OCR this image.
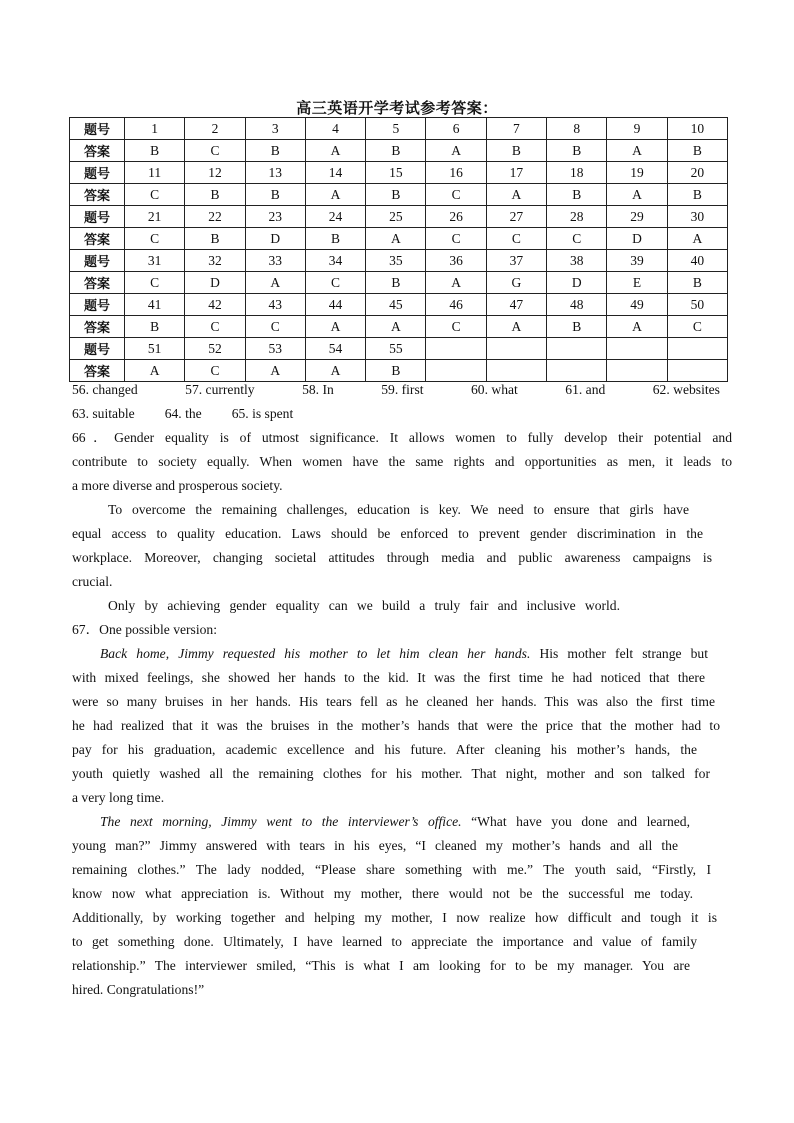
高三英语开学考试参考答案：
题号	1	2	3	4	5	6	7	8	9	10
答案	B	C	B	A	B	A	B	B	A	B
题号	11	12	13	14	15	16	17	18	19	20
答案	C	B	B	A	B	C	A	B	A	B
题号	21	22	23	24	25	26	27	28	29	30
答案	C	B	D	B	A	C	C	C	D	A
题号	31	32	33	34	35	36	37	38	39	40
答案	C	D	A	C	B	A	G	D	E	B
题号	41	42	43	44	45	46	47	48	49	50
答案	B	C	C	A	A	C	A	B	A	C
题号	51	52	53	54	55					
答案	A	C	A	A	B					
56. changed	57. currently	58. In	59. first	60. what	61. and	62. websites
63. suitable 64. the 65. is spent
66．Gender equality is of utmost significance. It allows women to fully develop their potential and
contribute to society equally. When women have the same rights and opportunities as men, it leads to
a more diverse and prosperous society.
To overcome the remaining challenges, education is key. We need to ensure that girls have
equal access to quality education. Laws should be enforced to prevent gender discrimination in the
workplace. Moreover, changing societal attitudes through media and public awareness campaigns is
crucial.
Only by achieving gender equality can we build a truly fair and inclusive world.
67．One possible version:
Back home, Jimmy requested his mother to let him clean her hands. His mother felt strange but
with mixed feelings, she showed her hands to the kid. It was the first time he had noticed that there
were so many bruises in her hands. His tears fell as he cleaned her hands. This was also the first time
he had realized that it was the bruises in the mother’s hands that were the price that the mother had to
pay for his graduation, academic excellence and his future. After cleaning his mother’s hands, the
youth quietly washed all the remaining clothes for his mother. That night, mother and son talked for
a very long time.
The next morning, Jimmy went to the interviewer’s office. “What have you done and learned,
young man?” Jimmy answered with tears in his eyes, “I cleaned my mother’s hands and all the
remaining clothes.” The lady nodded, “Please share something with me.” The youth said, “Firstly, I
know now what appreciation is. Without my mother, there would not be the successful me today.
Additionally, by working together and helping my mother, I now realize how difficult and tough it is
to get something done. Ultimately, I have learned to appreciate the importance and value of family
relationship.” The interviewer smiled, “This is what I am looking for to be my manager. You are
hired. Congratulations!”
